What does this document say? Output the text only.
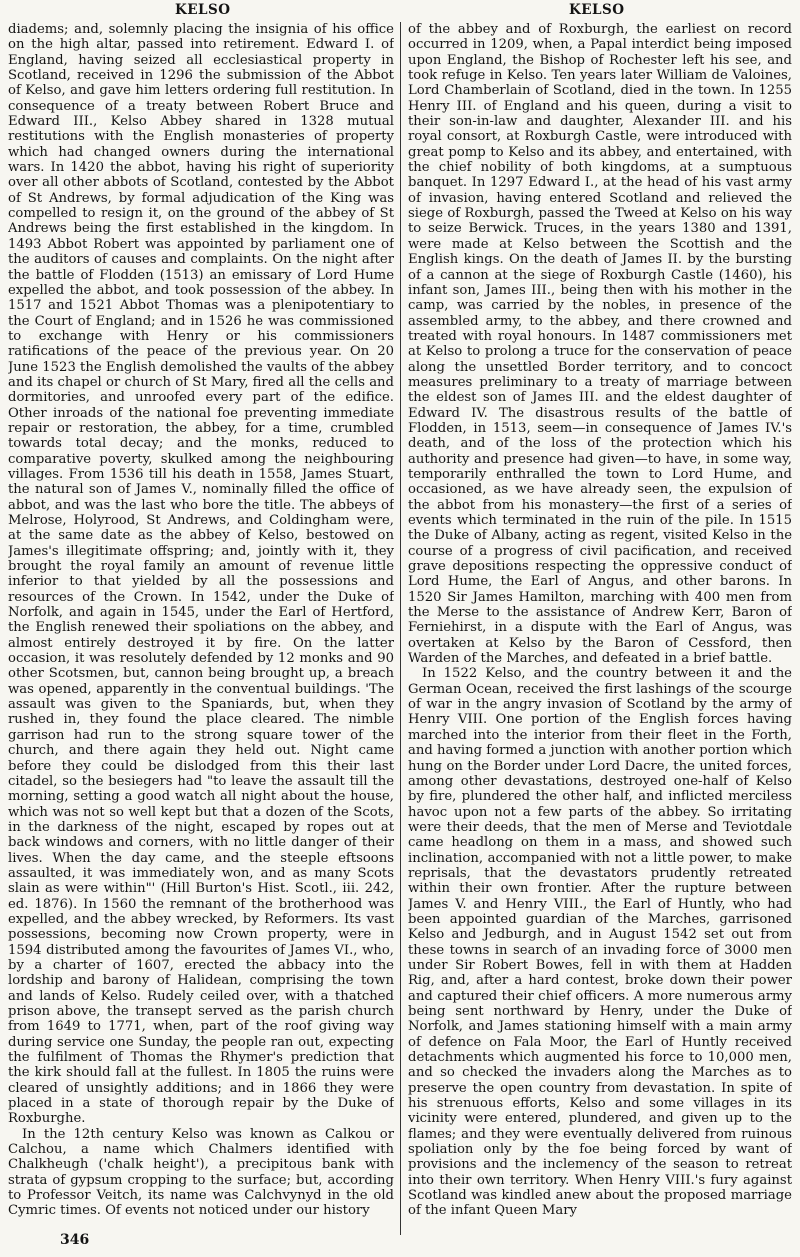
KELSO	KELSO

diadems; and, solemnly placing the insignia of his office on the high altar, passed into retirement. Edward I. of England, having seized all ecclesiastical property in Scotland, received in 1296 the submission of the Abbot of Kelso, and gave him letters ordering full restitution. In consequence of a treaty between Robert Bruce and Edward III., Kelso Abbey shared in 1328 mutual restitutions with the English monasteries of property which had changed owners during the international wars. In 1420 the abbot, having his right of superiority over all other abbots of Scotland, contested by the Abbot of St Andrews, by formal adjudication of the King was compelled to resign it, on the ground of the abbey of St Andrews being the first established in the kingdom. In 1493 Abbot Robert was appointed by parliament one of the auditors of causes and complaints. On the night after the battle of Flodden (1513) an emissary of Lord Hume expelled the abbot, and took possession of the abbey. In 1517 and 1521 Abbot Thomas was a plenipotentiary to the Court of England; and in 1526 he was commissioned to exchange with Henry or his commissioners ratifications of the peace of the previous year. On 20 June 1523 the English demolished the vaults of the abbey and its chapel or church of St Mary, fired all the cells and dormitories, and unroofed every part of the edifice. Other inroads of the national foe preventing immediate repair or restoration, the abbey, for a time, crumbled towards total decay; and the monks, reduced to comparative poverty, skulked among the neighbouring villages. From 1536 till his death in 1558, James Stuart, the natural son of James V., nominally filled the office of abbot, and was the last who bore the title. The abbeys of Melrose, Holyrood, St Andrews, and Coldingham were, at the same date as the abbey of Kelso, bestowed on James's illegitimate offspring; and, jointly with it, they brought the royal family an amount of revenue little inferior to that yielded by all the possessions and resources of the Crown. In 1542, under the Duke of Norfolk, and again in 1545, under the Earl of Hertford, the English renewed their spoliations on the abbey, and almost entirely destroyed it by fire. On the latter occasion, it was resolutely defended by 12 monks and 90 other Scotsmen, but, cannon being brought up, a breach was opened, apparently in the conventual buildings. 'The assault was given to the Spaniards, but, when they rushed in, they found the place cleared. The nimble garrison had run to the strong square tower of the church, and there again they held out. Night came before they could be dislodged from this their last citadel, so the besiegers had "to leave the assault till the morning, setting a good watch all night about the house, which was not so well kept but that a dozen of the Scots, in the darkness of the night, escaped by ropes out at back windows and corners, with no little danger of their lives. When the day came, and the steeple eftsoons assaulted, it was immediately won, and as many Scots slain as were within"' (Hill Burton's Hist. Scotl., iii. 242, ed. 1876). In 1560 the remnant of the brotherhood was expelled, and the abbey wrecked, by Reformers. Its vast possessions, becoming now Crown property, were in 1594 distributed among the favourites of James VI., who, by a charter of 1607, erected the abbacy into the lordship and barony of Halidean, comprising the town and lands of Kelso. Rudely ceiled over, with a thatched prison above, the transept served as the parish church from 1649 to 1771, when, part of the roof giving way during service one Sunday, the people ran out, expecting the fulfilment of Thomas the Rhymer's prediction that the kirk should fall at the fullest. In 1805 the ruins were cleared of unsightly additions; and in 1866 they were placed in a state of thorough repair by the Duke of Roxburghe.

In the 12th century Kelso was known as Calkou or Calchou, a name which Chalmers identified with Chalkheugh ('chalk height'), a precipitous bank with strata of gypsum cropping to the surface; but, according to Professor Veitch, its name was Calchvynyd in the old Cymric times. Of events not noticed under our history

of the abbey and of Roxburgh, the earliest on record occurred in 1209, when, a Papal interdict being imposed upon England, the Bishop of Rochester left his see, and took refuge in Kelso. Ten years later William de Valoines, Lord Chamberlain of Scotland, died in the town. In 1255 Henry III. of England and his queen, during a visit to their son-in-law and daughter, Alexander III. and his royal consort, at Roxburgh Castle, were introduced with great pomp to Kelso and its abbey, and entertained, with the chief nobility of both kingdoms, at a sumptuous banquet. In 1297 Edward I., at the head of his vast army of invasion, having entered Scotland and relieved the siege of Roxburgh, passed the Tweed at Kelso on his way to seize Berwick. Truces, in the years 1380 and 1391, were made at Kelso between the Scottish and the English kings. On the death of James II. by the bursting of a cannon at the siege of Roxburgh Castle (1460), his infant son, James III., being then with his mother in the camp, was carried by the nobles, in presence of the assembled army, to the abbey, and there crowned and treated with royal honours. In 1487 commissioners met at Kelso to prolong a truce for the conservation of peace along the unsettled Border territory, and to concoct measures preliminary to a treaty of marriage between the eldest son of James III. and the eldest daughter of Edward IV. The disastrous results of the battle of Flodden, in 1513, seem—in consequence of James IV.'s death, and of the loss of the protection which his authority and presence had given—to have, in some way, temporarily enthralled the town to Lord Hume, and occasioned, as we have already seen, the expulsion of the abbot from his monastery—the first of a series of events which terminated in the ruin of the pile. In 1515 the Duke of Albany, acting as regent, visited Kelso in the course of a progress of civil pacification, and received grave depositions respecting the oppressive conduct of Lord Hume, the Earl of Angus, and other barons. In 1520 Sir James Hamilton, marching with 400 men from the Merse to the assistance of Andrew Kerr, Baron of Ferniehirst, in a dispute with the Earl of Angus, was overtaken at Kelso by the Baron of Cessford, then Warden of the Marches, and defeated in a brief battle.

In 1522 Kelso, and the country between it and the German Ocean, received the first lashings of the scourge of war in the angry invasion of Scotland by the army of Henry VIII. One portion of the English forces having marched into the interior from their fleet in the Forth, and having formed a junction with another portion which hung on the Border under Lord Dacre, the united forces, among other devastations, destroyed one-half of Kelso by fire, plundered the other half, and inflicted merciless havoc upon not a few parts of the abbey. So irritating were their deeds, that the men of Merse and Teviotdale came headlong on them in a mass, and showed such inclination, accompanied with not a little power, to make reprisals, that the devastators prudently retreated within their own frontier. After the rupture between James V. and Henry VIII., the Earl of Huntly, who had been appointed guardian of the Marches, garrisoned Kelso and Jedburgh, and in August 1542 set out from these towns in search of an invading force of 3000 men under Sir Robert Bowes, fell in with them at Hadden Rig, and, after a hard contest, broke down their power and captured their chief officers. A more numerous army being sent northward by Henry, under the Duke of Norfolk, and James stationing himself with a main army of defence on Fala Moor, the Earl of Huntly received detachments which augmented his force to 10,000 men, and so checked the invaders along the Marches as to preserve the open country from devastation. In spite of his strenuous efforts, Kelso and some villages in its vicinity were entered, plundered, and given up to the flames; and they were eventually delivered from ruinous spoliation only by the foe being forced by want of provisions and the inclemency of the season to retreat into their own territory. When Henry VIII.'s fury against Scotland was kindled anew about the proposed marriage of the infant Queen Mary

346
